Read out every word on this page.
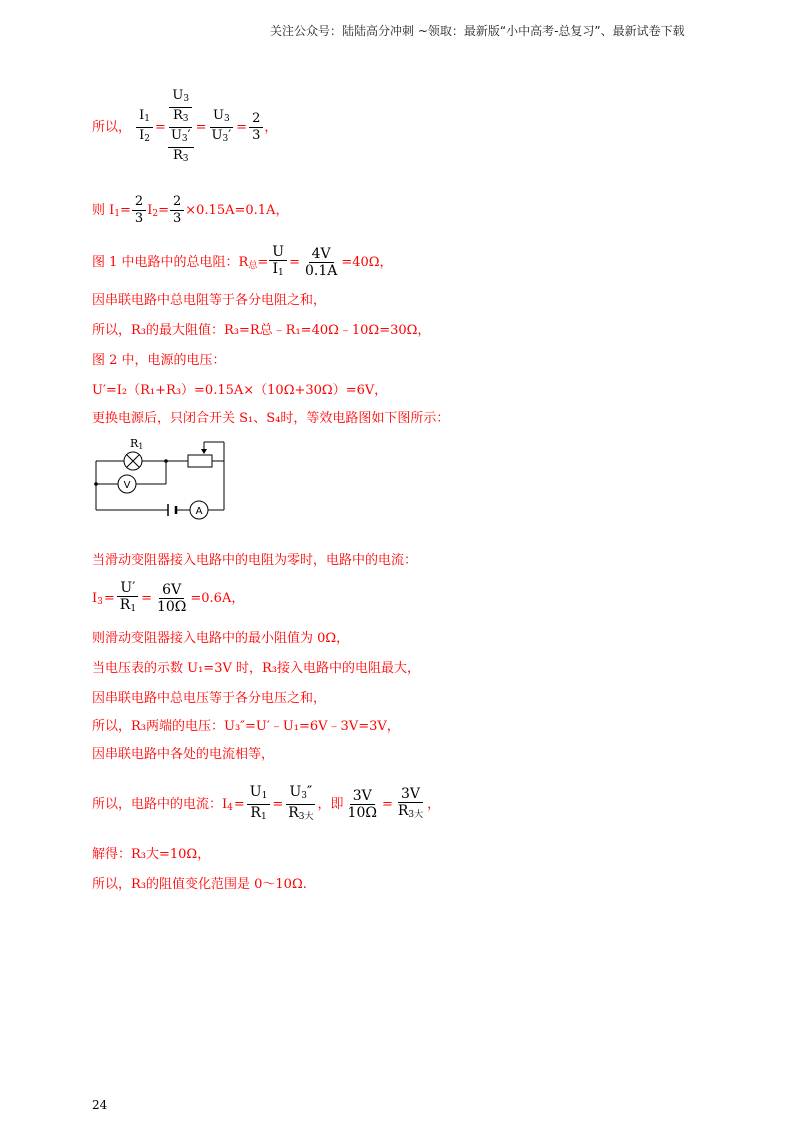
关注公众号：陆陆高分冲刺 ~领取：最新版“小中高考-总复习”、最新试卷下载
所以， $\frac{I_1}{I_2} = \frac{\frac{U_3}{R_3}}{\frac{U_3'}{R_3}} = \frac{U_3}{U_3'} = \frac{2}{3}$ ，
则 $I_1= \frac{2}{3} I_2= \frac{2}{3} \times 0.15A=0.1A$，
图 1 中电路中的总电阻：$R_总= \frac{U}{I_1} = \frac{4V}{0.1A} =40\Omega$，
因串联电路中总电阻等于各分电阻之和，
所以，R₃的最大阻值：R₃=R总﹣R₁=40Ω﹣10Ω=30Ω，
图 2 中，电源的电压：
U′=I₂（R₁+R₃）=0.15A×（10Ω+30Ω）=6V，
更换电源后，只闭合开关 S₁、S₄时，等效电路图如下图所示：
R1
V
A
当滑动变阻器接入电路中的电阻为零时，电路中的电流：
$I_3= \frac{U'}{R_1} = \frac{6V}{10\Omega} =0.6A$，
则滑动变阻器接入电路中的最小阻值为 0Ω，
当电压表的示数 U₁=3V 时，R₃接入电路中的电阻最大，
因串联电路中总电压等于各分电压之和，
所以，R₃两端的电压：U₃″=U′﹣U₁=6V﹣3V=3V，
因串联电路中各处的电流相等，
所以，电路中的电流：$I_4= \frac{U_1}{R_1} = \frac{U_3''}{R_{3大}}$ ，即 $\frac{3V}{10\Omega} = \frac{3V}{R_{3大}}$ ，
解得：R₃大=10Ω，
所以，R₃的阻值变化范围是 0～10Ω.
24
